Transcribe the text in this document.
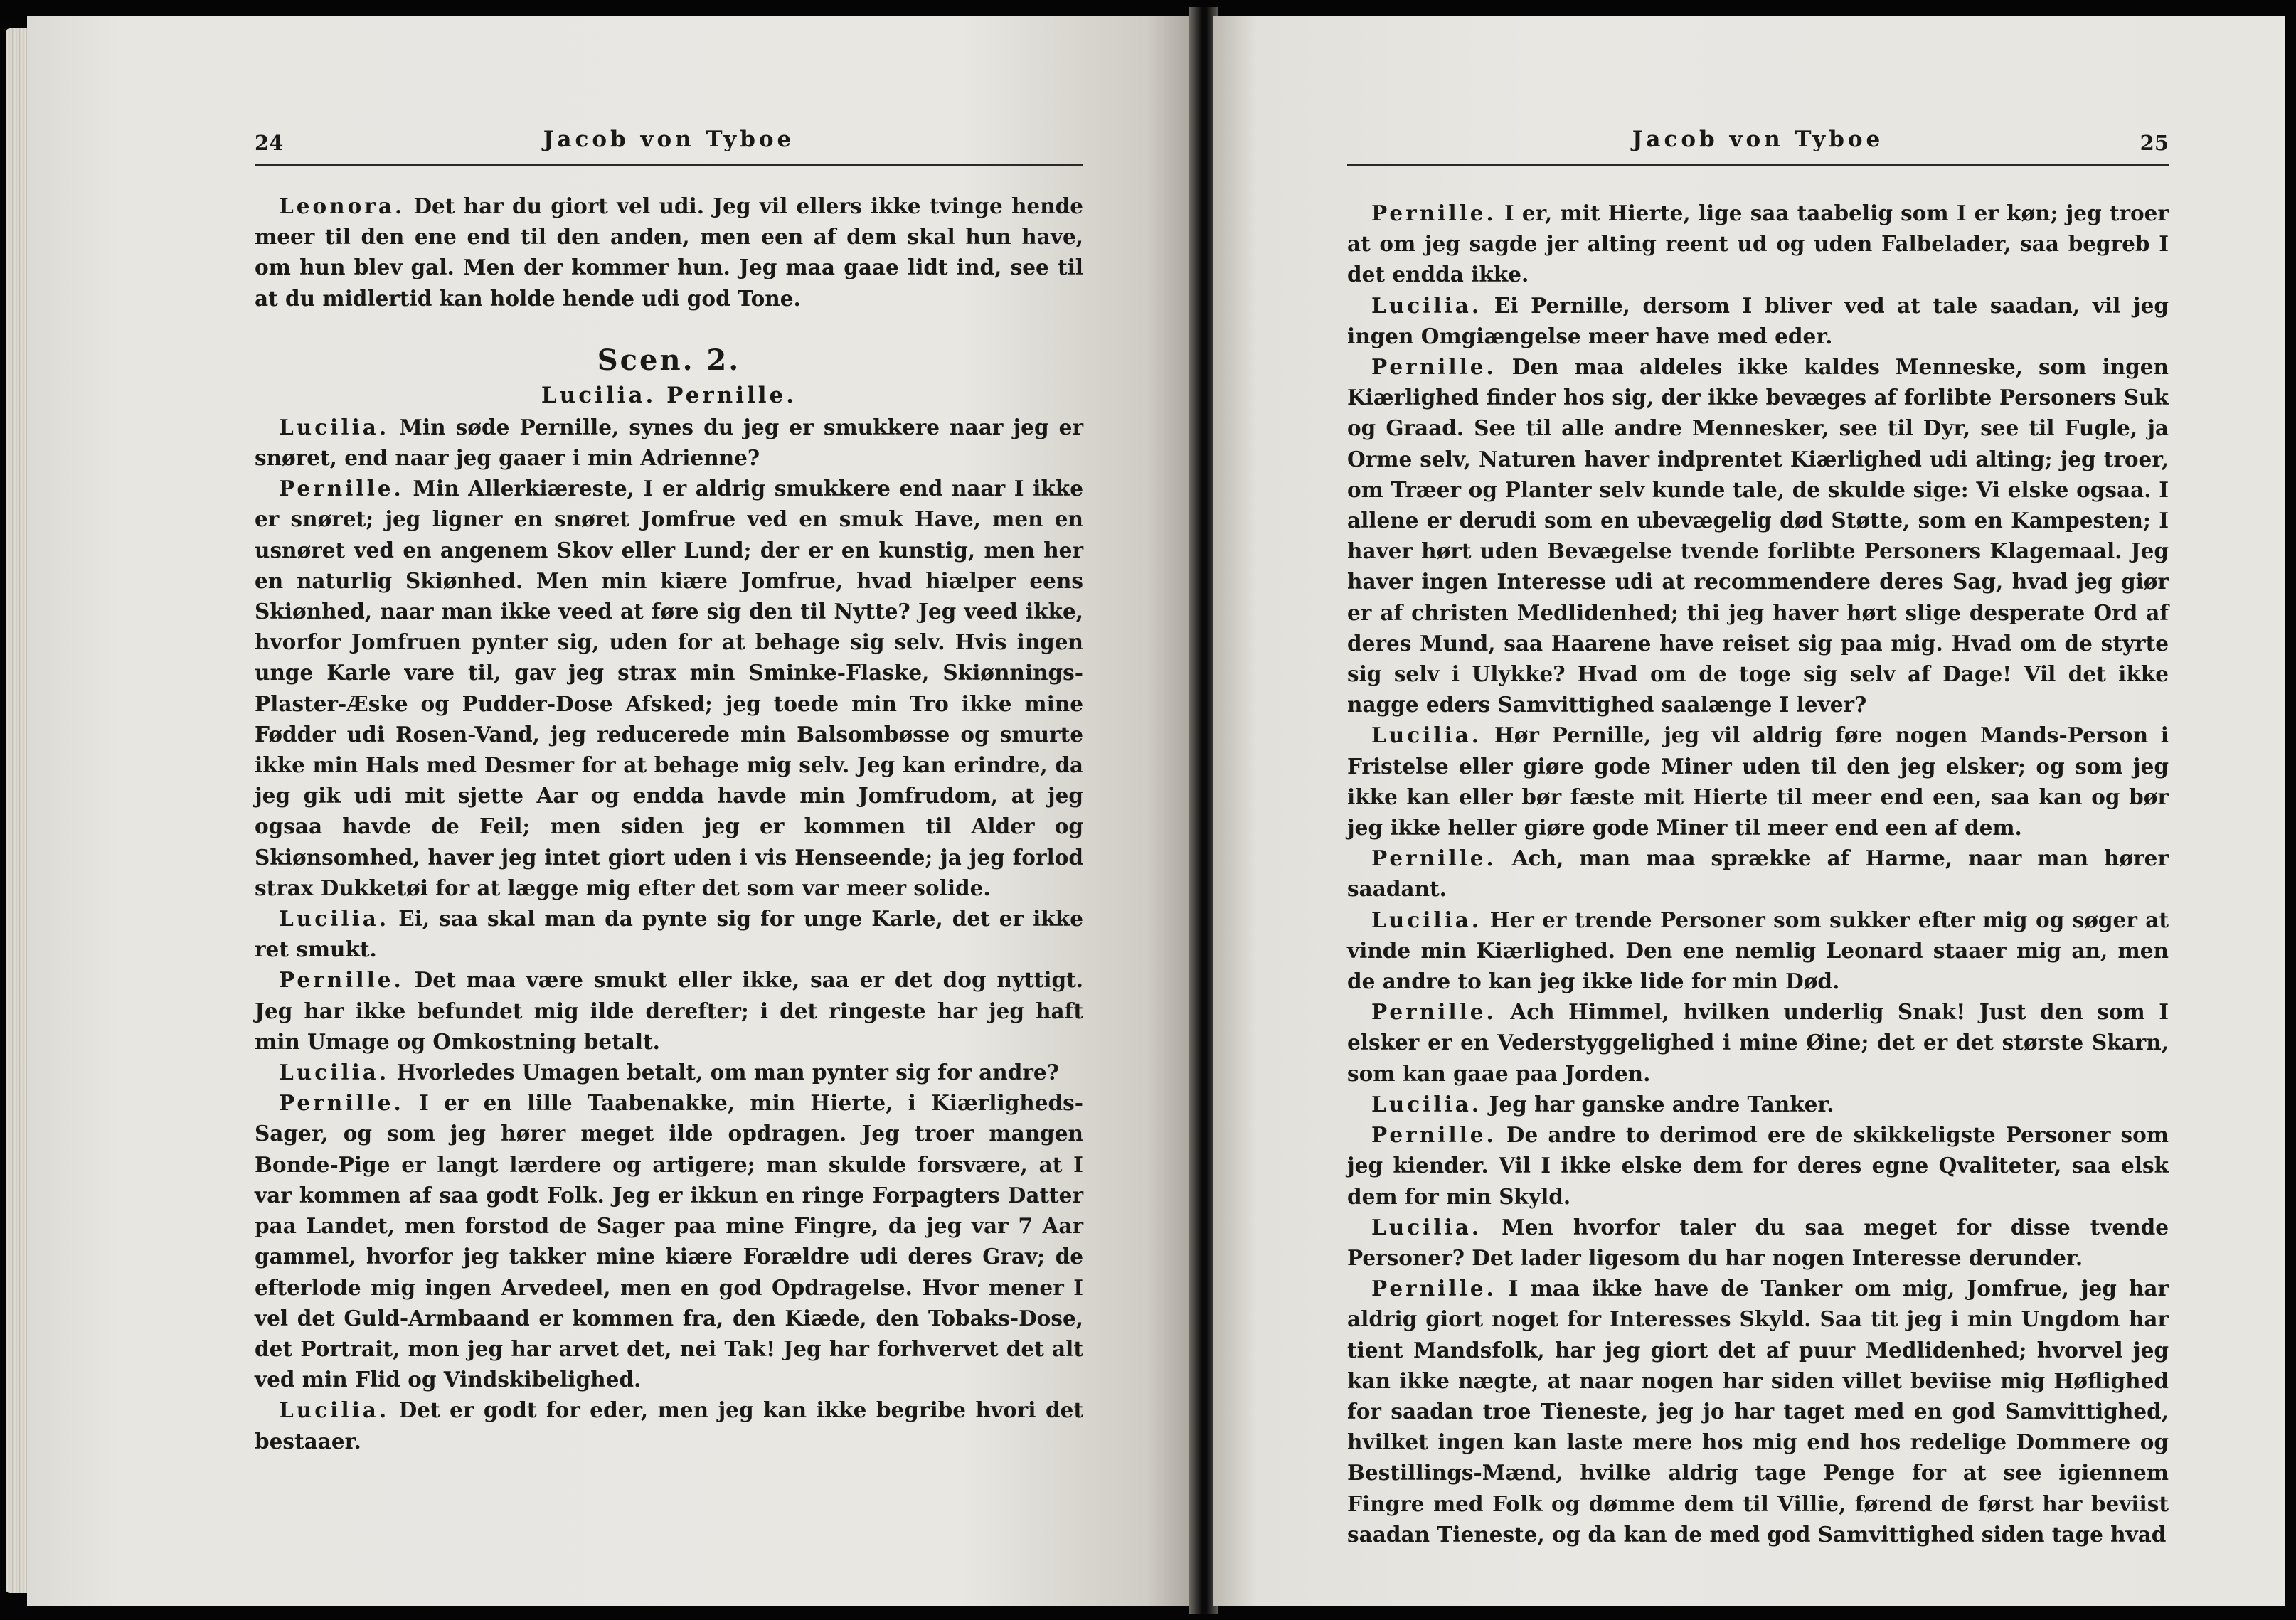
24	Jacob von Tyboe

Leonora. Det har du giort vel udi. Jeg vil ellers ikke tvinge hende meer til den ene end til den anden, men een af dem skal hun have, om hun blev gal. Men der kommer hun. Jeg maa gaae lidt ind, see til at du midlertid kan holde hende udi god Tone.

Scen. 2.
Lucilia. Pernille.

Lucilia. Min søde Pernille, synes du jeg er smukkere naar jeg er snøret, end naar jeg gaaer i min Adrienne?

Pernille. Min Allerkiæreste, I er aldrig smukkere end naar I ikke er snøret; jeg ligner en snøret Jomfrue ved en smuk Have, men en usnøret ved en angenem Skov eller Lund; der er en kunstig, men her en naturlig Skiønhed. Men min kiære Jomfrue, hvad hiælper eens Skiønhed, naar man ikke veed at føre sig den til Nytte? Jeg veed ikke, hvorfor Jomfruen pynter sig, uden for at behage sig selv. Hvis ingen unge Karle vare til, gav jeg strax min Sminke-Flaske, Skiønnings-Plaster-Æske og Pudder-Dose Afsked; jeg toede min Tro ikke mine Fødder udi Rosen-Vand, jeg reducerede min Balsombøsse og smurte ikke min Hals med Desmer for at behage mig selv. Jeg kan erindre, da jeg gik udi mit sjette Aar og endda havde min Jomfrudom, at jeg ogsaa havde de Feil; men siden jeg er kommen til Alder og Skiønsomhed, haver jeg intet giort uden i vis Henseende; ja jeg forlod strax Dukketøi for at lægge mig efter det som var meer solide.

Lucilia. Ei, saa skal man da pynte sig for unge Karle, det er ikke ret smukt.

Pernille. Det maa være smukt eller ikke, saa er det dog nyttigt. Jeg har ikke befundet mig ilde derefter; i det ringeste har jeg haft min Umage og Omkostning betalt.

Lucilia. Hvorledes Umagen betalt, om man pynter sig for andre?

Pernille. I er en lille Taabenakke, min Hierte, i Kiærligheds-Sager, og som jeg hører meget ilde opdragen. Jeg troer mangen Bonde-Pige er langt lærdere og artigere; man skulde forsvære, at I var kommen af saa godt Folk. Jeg er ikkun en ringe Forpagters Datter paa Landet, men forstod de Sager paa mine Fingre, da jeg var 7 Aar gammel, hvorfor jeg takker mine kiære Forældre udi deres Grav; de efterlode mig ingen Arvedeel, men en god Opdragelse. Hvor mener I vel det Guld-Armbaand er kommen fra, den Kiæde, den Tobaks-Dose, det Portrait, mon jeg har arvet det, nei Tak! Jeg har forhvervet det alt ved min Flid og Vindskibelighed.

Lucilia. Det er godt for eder, men jeg kan ikke begribe hvori det bestaaer.

Jacob von Tyboe	25

Pernille. I er, mit Hierte, lige saa taabelig som I er køn; jeg troer at om jeg sagde jer alting reent ud og uden Falbelader, saa begreb I det endda ikke.

Lucilia. Ei Pernille, dersom I bliver ved at tale saadan, vil jeg ingen Omgiængelse meer have med eder.

Pernille. Den maa aldeles ikke kaldes Menneske, som ingen Kiærlighed finder hos sig, der ikke bevæges af forlibte Personers Suk og Graad. See til alle andre Mennesker, see til Dyr, see til Fugle, ja Orme selv, Naturen haver indprentet Kiærlighed udi alting; jeg troer, om Træer og Planter selv kunde tale, de skulde sige: Vi elske ogsaa. I allene er derudi som en ubevægelig død Støtte, som en Kampesten; I haver hørt uden Bevægelse tvende forlibte Personers Klagemaal. Jeg haver ingen Interesse udi at recommendere deres Sag, hvad jeg giør er af christen Medlidenhed; thi jeg haver hørt slige desperate Ord af deres Mund, saa Haarene have reiset sig paa mig. Hvad om de styrte sig selv i Ulykke? Hvad om de toge sig selv af Dage! Vil det ikke nagge eders Samvittighed saalænge I lever?

Lucilia. Hør Pernille, jeg vil aldrig føre nogen Mands-Person i Fristelse eller giøre gode Miner uden til den jeg elsker; og som jeg ikke kan eller bør fæste mit Hierte til meer end een, saa kan og bør jeg ikke heller giøre gode Miner til meer end een af dem.

Pernille. Ach, man maa sprække af Harme, naar man hører saadant.

Lucilia. Her er trende Personer som sukker efter mig og søger at vinde min Kiærlighed. Den ene nemlig Leonard staaer mig an, men de andre to kan jeg ikke lide for min Død.

Pernille. Ach Himmel, hvilken underlig Snak! Just den som I elsker er en Vederstyggelighed i mine Øine; det er det største Skarn, som kan gaae paa Jorden.

Lucilia. Jeg har ganske andre Tanker.

Pernille. De andre to derimod ere de skikkeligste Personer som jeg kiender. Vil I ikke elske dem for deres egne Qvaliteter, saa elsk dem for min Skyld.

Lucilia. Men hvorfor taler du saa meget for disse tvende Personer? Det lader ligesom du har nogen Interesse derunder.

Pernille. I maa ikke have de Tanker om mig, Jomfrue, jeg har aldrig giort noget for Interesses Skyld. Saa tit jeg i min Ungdom har tient Mandsfolk, har jeg giort det af puur Medlidenhed; hvorvel jeg kan ikke nægte, at naar nogen har siden villet beviise mig Høflighed for saadan troe Tieneste, jeg jo har taget med en god Samvittighed, hvilket ingen kan laste mere hos mig end hos redelige Dommere og Bestillings-Mænd, hvilke aldrig tage Penge for at see igiennem Fingre med Folk og dømme dem til Villie, førend de først har beviist saadan Tieneste, og da kan de med god Samvittighed siden tage hvad
